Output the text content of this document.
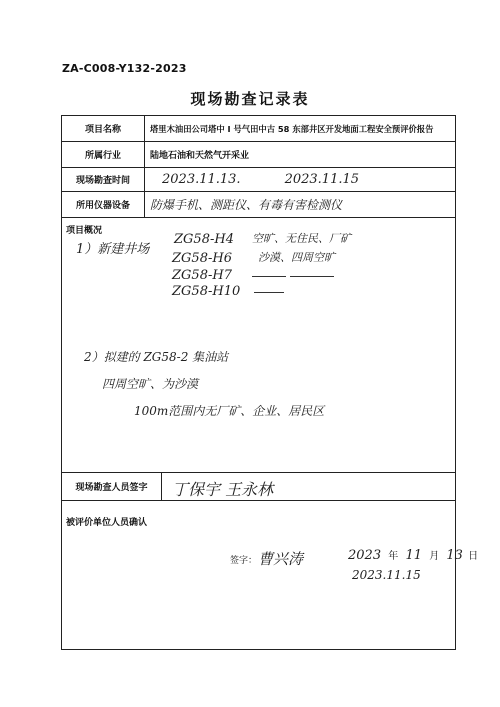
ZA-C008-Y132-2023
现场勘查记录表
项目名称	塔里木油田公司塔中 I 号气田中古 58 东部井区开发地面工程安全预评价报告
所属行业	陆地石油和天然气开采业
现场勘查时间	2023.11.13.	2023.11.15
所用仪器设备	防爆手机、测距仪、有毒有害检测仪
项目概况
1）新建井场
ZG58-H4 空旷、无住民、厂矿
ZG58-H6 沙漠、四周空旷
ZG58-H7
ZG58-H10
2）拟建的 ZG58-2 集油站
四周空旷、为沙漠
100m范围内无厂矿、企业、居民区
现场勘查人员签字	丁保宇 王永林
被评价单位人员确认
签字： 曹兴涛	2023 年 11 月 13 日
2023.11.15
